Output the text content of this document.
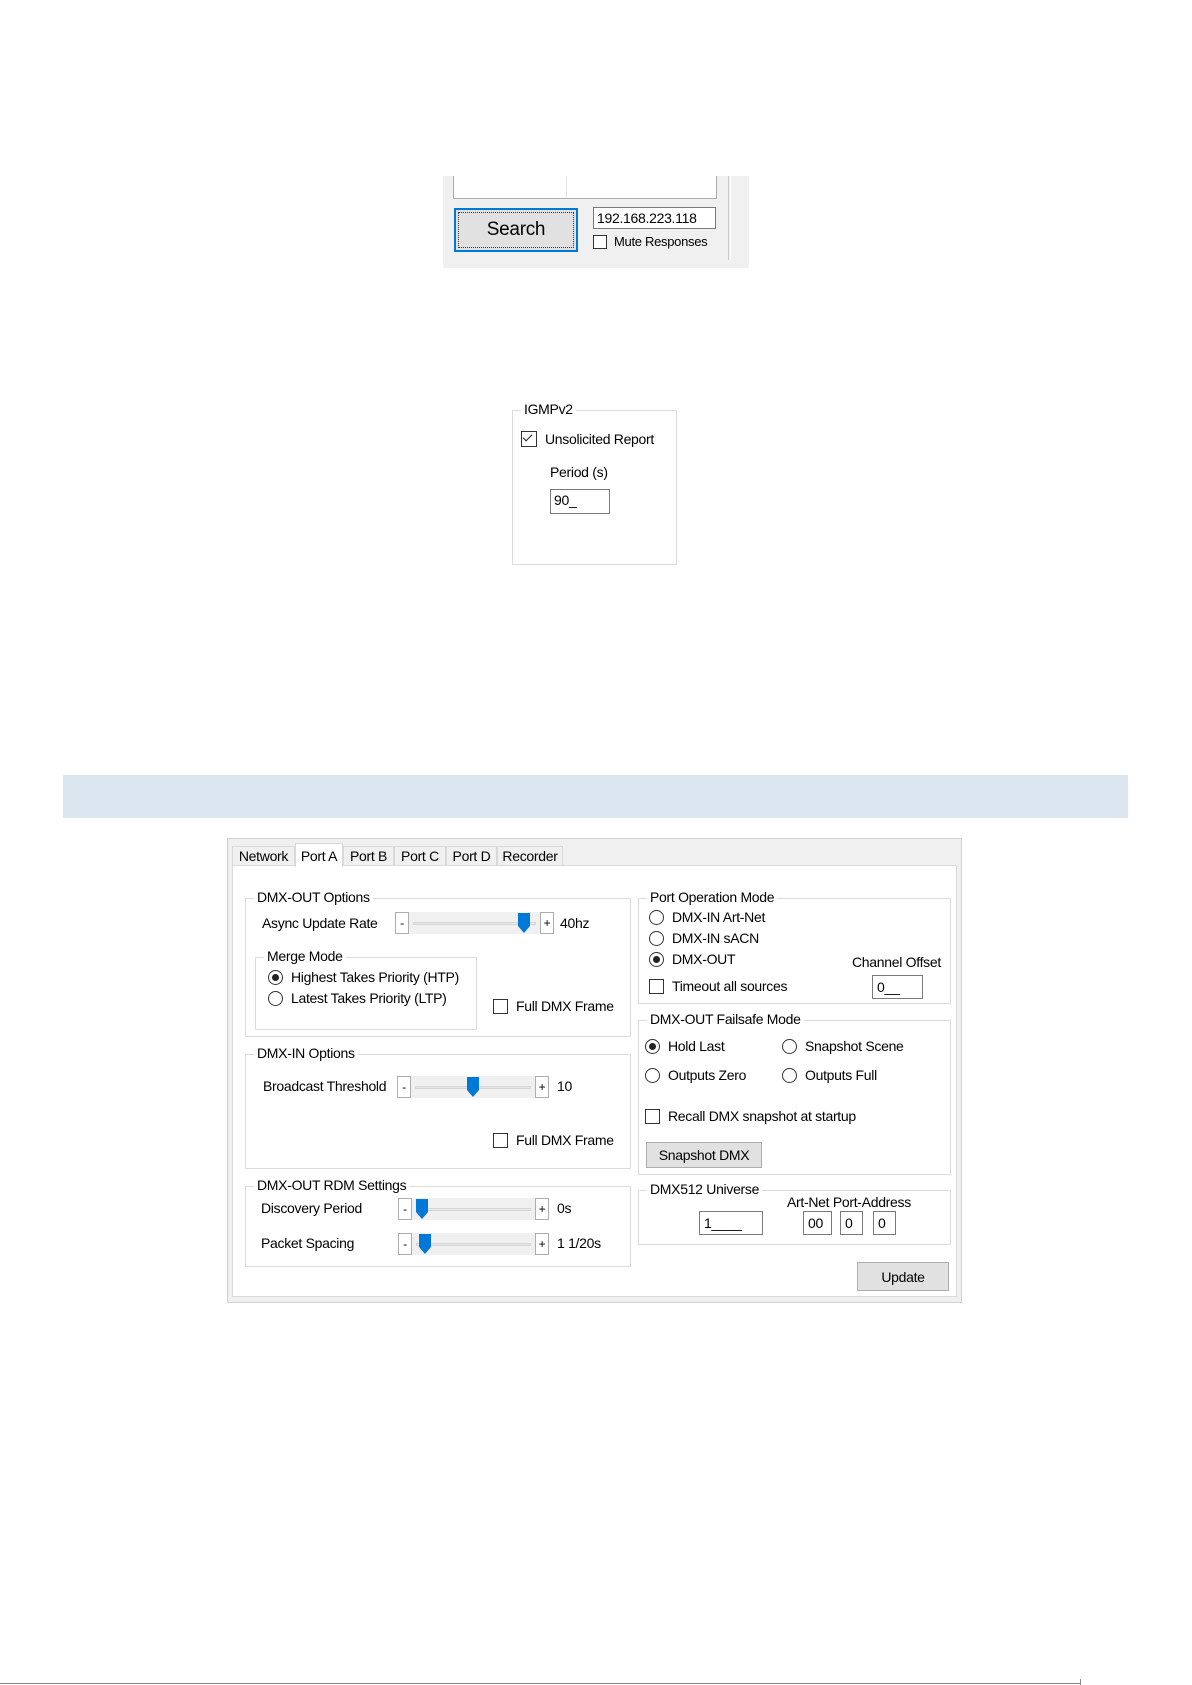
Search
192.168.223.118
Mute Responses
IGMPv2
Unsolicited Report
Period (s)
90_
Network Port A Port B Port C Port D Recorder
DMX-OUT Options
Async Update Rate	-	+ 40hz
Merge Mode
Highest Takes Priority (HTP)
Latest Takes Priority (LTP)	Full DMX Frame
DMX-IN Options
Broadcast Threshold	-	+ 10
Full DMX Frame
DMX-OUT RDM Settings
Discovery Period	-	+ 0s
Packet Spacing	-	+ 1 1/20s
Port Operation Mode
DMX-IN Art-Net
DMX-IN sACN
DMX-OUT
Timeout all sources
Channel Offset
0__
DMX-OUT Failsafe Mode
Hold Last	Snapshot Scene
Outputs Zero	Outputs Full
Recall DMX snapshot at startup
Snapshot DMX
DMX512 Universe
Art-Net Port-Address
1____	00	0	0
Update
